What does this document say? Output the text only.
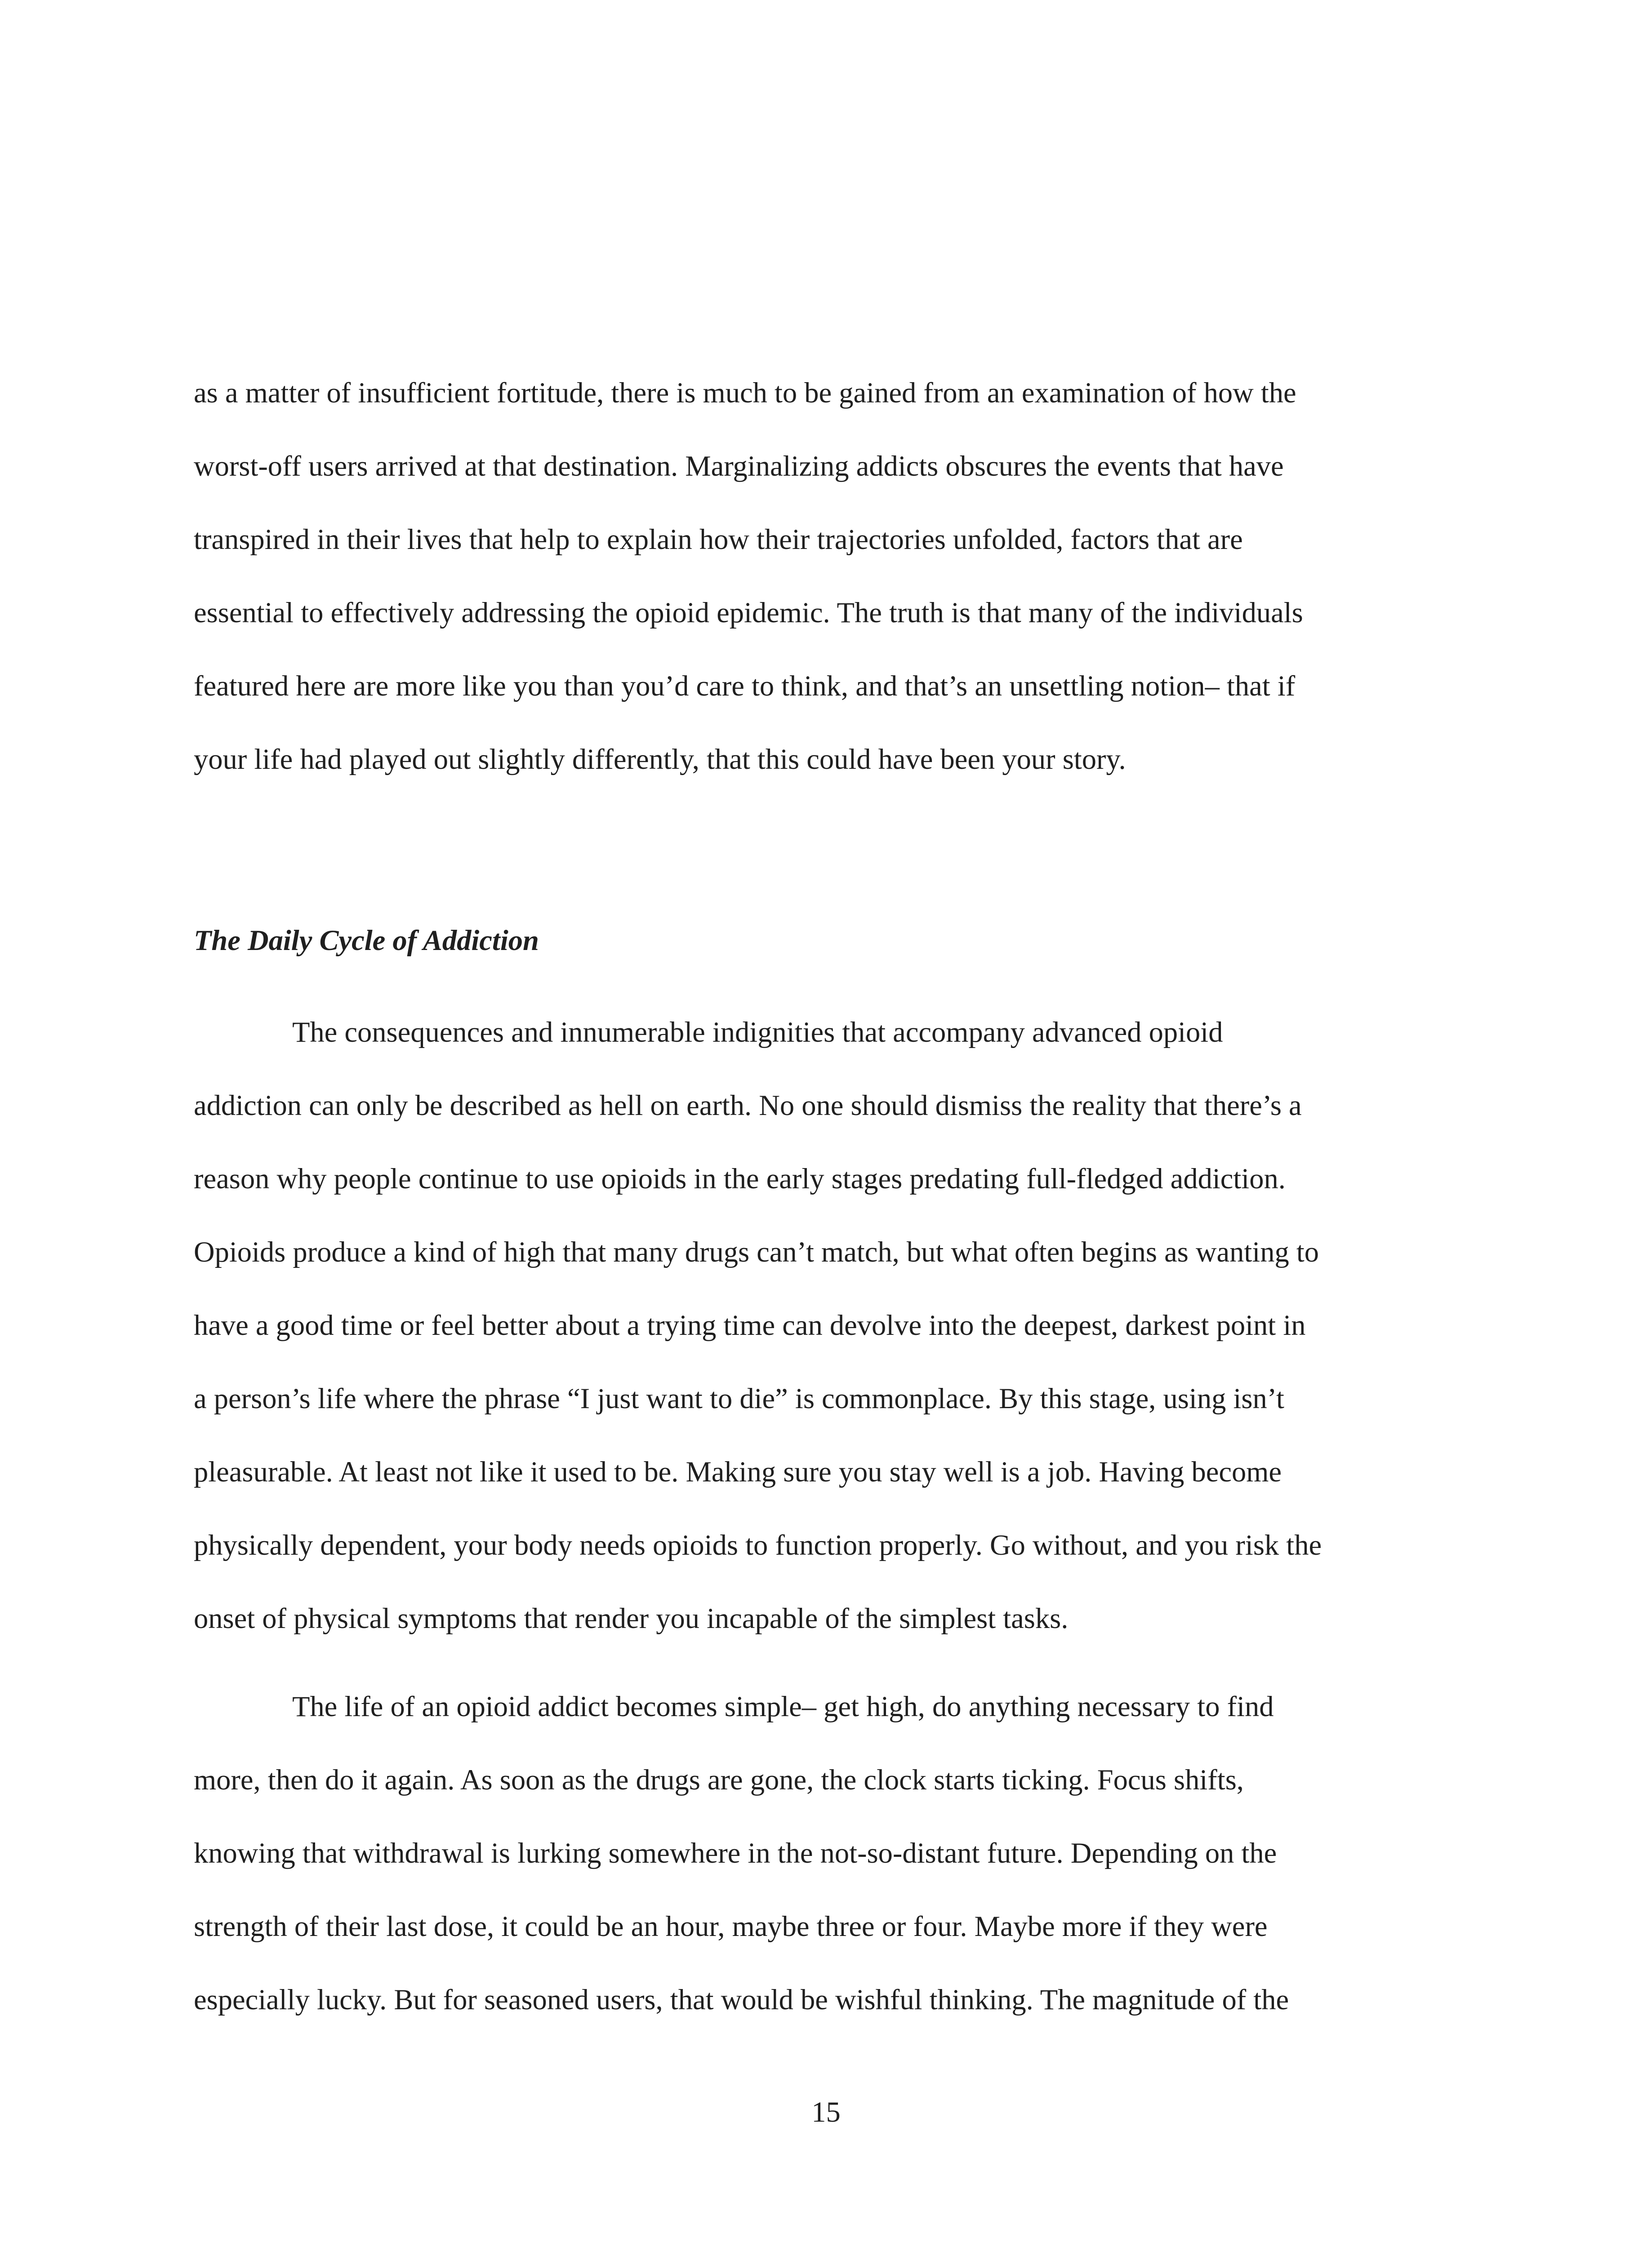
as a matter of insufficient fortitude, there is much to be gained from an examination of how the
worst-off users arrived at that destination. Marginalizing addicts obscures the events that have
transpired in their lives that help to explain how their trajectories unfolded, factors that are
essential to effectively addressing the opioid epidemic. The truth is that many of the individuals
featured here are more like you than you’d care to think, and that’s an unsettling notion– that if
your life had played out slightly differently, that this could have been your story.

The Daily Cycle of Addiction

The consequences and innumerable indignities that accompany advanced opioid
addiction can only be described as hell on earth. No one should dismiss the reality that there’s a
reason why people continue to use opioids in the early stages predating full-fledged addiction.
Opioids produce a kind of high that many drugs can’t match, but what often begins as wanting to
have a good time or feel better about a trying time can devolve into the deepest, darkest point in
a person’s life where the phrase “I just want to die” is commonplace. By this stage, using isn’t
pleasurable. At least not like it used to be. Making sure you stay well is a job. Having become
physically dependent, your body needs opioids to function properly. Go without, and you risk the
onset of physical symptoms that render you incapable of the simplest tasks.

The life of an opioid addict becomes simple– get high, do anything necessary to find
more, then do it again. As soon as the drugs are gone, the clock starts ticking. Focus shifts,
knowing that withdrawal is lurking somewhere in the not-so-distant future. Depending on the
strength of their last dose, it could be an hour, maybe three or four. Maybe more if they were
especially lucky. But for seasoned users, that would be wishful thinking. The magnitude of the

15
